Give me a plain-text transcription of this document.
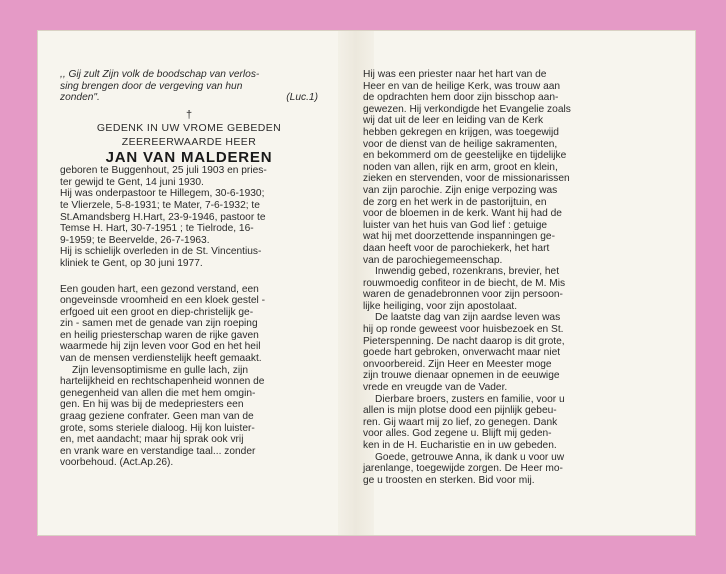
,, Gij zult Zijn volk de boodschap van verlos-
sing brengen door de vergeving van hun
zonden".	(Luc.1)

†
GEDENK IN UW VROME GEBEDEN
ZEEREERWAARDE HEER
JAN VAN MALDEREN

geboren te Buggenhout, 25 juli 1903 en pries-
ter gewijd te Gent, 14 juni 1930.
Hij was onderpastoor te Hillegem, 30-6-1930;
te Vlierzele, 5-8-1931; te Mater, 7-6-1932; te
St.Amandsberg H.Hart, 23-9-1946, pastoor te
Temse H. Hart, 30-7-1951 ; te Tielrode, 16-
9-1959; te Beervelde, 26-7-1963.
Hij is schielijk overleden in de St. Vincentius-
kliniek te Gent, op 30 juni 1977.

Een gouden hart, een gezond verstand, een
ongeveinsde vroomheid en een kloek gestel -
erfgoed uit een groot en diep-christelijk ge-
zin - samen met de genade van zijn roeping
en heilig priesterschap waren de rijke gaven
waarmede hij zijn leven voor God en het heil
van de mensen verdienstelijk heeft gemaakt.

Zijn levensoptimisme en gulle lach, zijn
hartelijkheid en rechtschapenheid wonnen de
genegenheid van allen die met hem omgin-
gen. En hij was bij de medepriesters een
graag gezienе confrater. Geen man van de
grote, soms steriele dialoog. Hij kon luister-
en, met aandacht; maar hij sprak ook vrij
en vrank ware en verstandige taal... zonder
voorbehoud. (Act.Ap.26).

Hij was een priester naar het hart van de
Heer en van de heilige Kerk, was trouw aan
de opdrachten hem door zijn bisschop aan-
gewezen. Hij verkondigde het Evangelie zoals
wij dat uit de leer en leiding van de Kerk
hebben gekregen en krijgen, was toegewijd
voor de dienst van de heilige sakramenten,
en bekommerd om de geestelijke en tijdelijke
noden van allen, rijk en arm, groot en klein,
zieken en stervenden, voor de missionarissen
van zijn parochie. Zijn enige verpozing was
de zorg en het werk in de pastorijtuin, en
voor de bloemen in de kerk. Want hij had de
luister van het huis van God lief : getuige
wat hij met doorzettende inspanningen ge-
daan heeft voor de parochiekerk, het hart
van de parochiegemeenschap.

Inwendig gebed, rozenkrans, brevier, het
rouwmoedig confiteor in de biecht, de M. Mis
waren de genadebronnen voor zijn persoon-
lijke heiliging, voor zijn apostolaat.

De laatste dag van zijn aardse leven was
hij op ronde geweest voor huisbezoek en St.
Pieterspenning. De nacht daarop is dit grote,
goede hart gebroken, onverwacht maar niet
onvoorbereid. Zijn Heer en Meester moge
zijn trouwe dienaar opnemen in de eeuwige
vrede en vreugde van de Vader.

Dierbare broers, zusters en familie, voor u
allen is mijn plotse dood een pijnlijk gebeu-
ren. Gij waart mij zo lief, zo genegen. Dank
voor alles. God zegene u. Blijft mij geden-
ken in de H. Eucharistie en in uw gebeden.

Goede, getrouwe Anna, ik dank u voor uw
jarenlange, toegewijde zorgen. De Heer mo-
ge u troosten en sterken. Bid voor mij.
